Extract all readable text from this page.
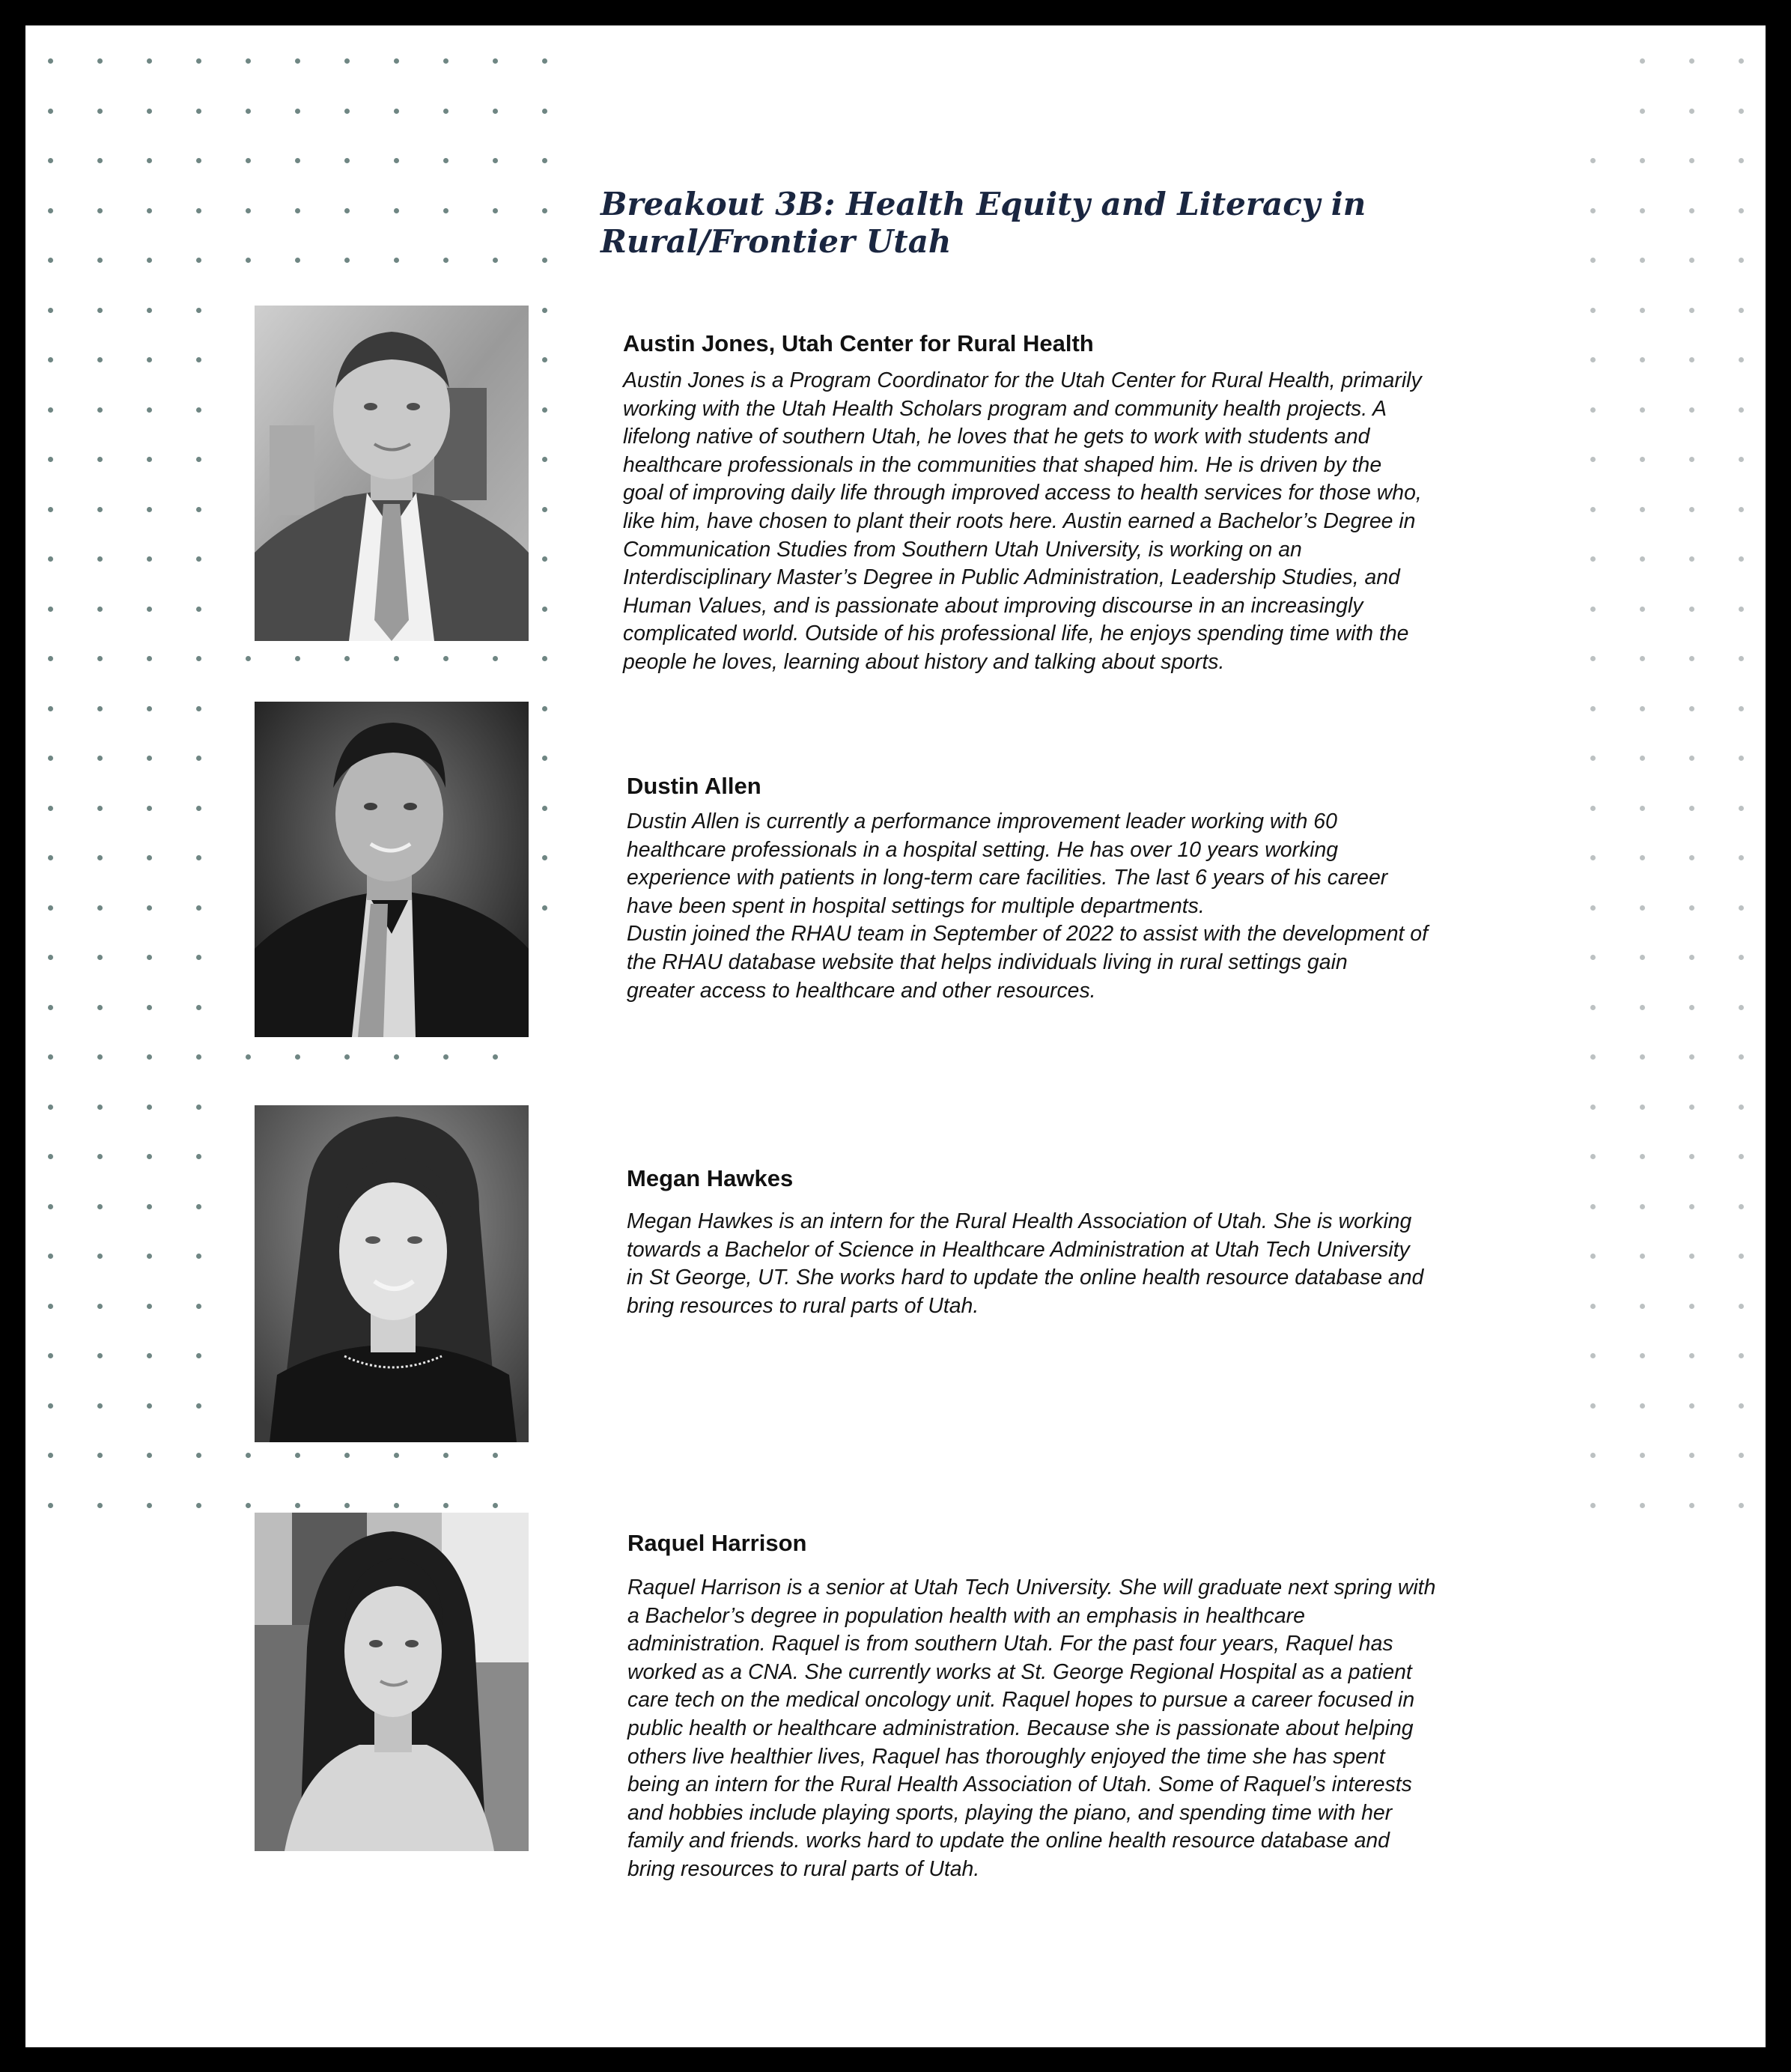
Breakout 3B: Health Equity and Literacy in
Rural/Frontier Utah
Austin Jones, Utah Center for Rural Health

Austin Jones is a Program Coordinator for the Utah Center for Rural Health, primarily
working with the Utah Health Scholars program and community health projects. A
lifelong native of southern Utah, he loves that he gets to work with students and
healthcare professionals in the communities that shaped him. He is driven by the
goal of improving daily life through improved access to health services for those who,
like him, have chosen to plant their roots here. Austin earned a Bachelor’s Degree in
Communication Studies from Southern Utah University, is working on an
Interdisciplinary Master’s Degree in Public Administration, Leadership Studies, and
Human Values, and is passionate about improving discourse in an increasingly
complicated world. Outside of his professional life, he enjoys spending time with the
people he loves, learning about history and talking about sports.

Dustin Allen

Dustin Allen is currently a performance improvement leader working with 60
healthcare professionals in a hospital setting. He has over 10 years working
experience with patients in long-term care facilities. The last 6 years of his career
have been spent in hospital settings for multiple departments.
Dustin joined the RHAU team in September of 2022 to assist with the development of
the RHAU database website that helps individuals living in rural settings gain
greater access to healthcare and other resources.

Megan Hawkes

Megan Hawkes is an intern for the Rural Health Association of Utah. She is working
towards a Bachelor of Science in Healthcare Administration at Utah Tech University
in St George, UT. She works hard to update the online health resource database and
bring resources to rural parts of Utah.

Raquel Harrison

Raquel Harrison is a senior at Utah Tech University. She will graduate next spring with
a Bachelor’s degree in population health with an emphasis in healthcare
administration. Raquel is from southern Utah. For the past four years, Raquel has
worked as a CNA. She currently works at St. George Regional Hospital as a patient
care tech on the medical oncology unit. Raquel hopes to pursue a career focused in
public health or healthcare administration. Because she is passionate about helping
others live healthier lives, Raquel has thoroughly enjoyed the time she has spent
being an intern for the Rural Health Association of Utah. Some of Raquel’s interests
and hobbies include playing sports, playing the piano, and spending time with her
family and friends. works hard to update the online health resource database and
bring resources to rural parts of Utah.
